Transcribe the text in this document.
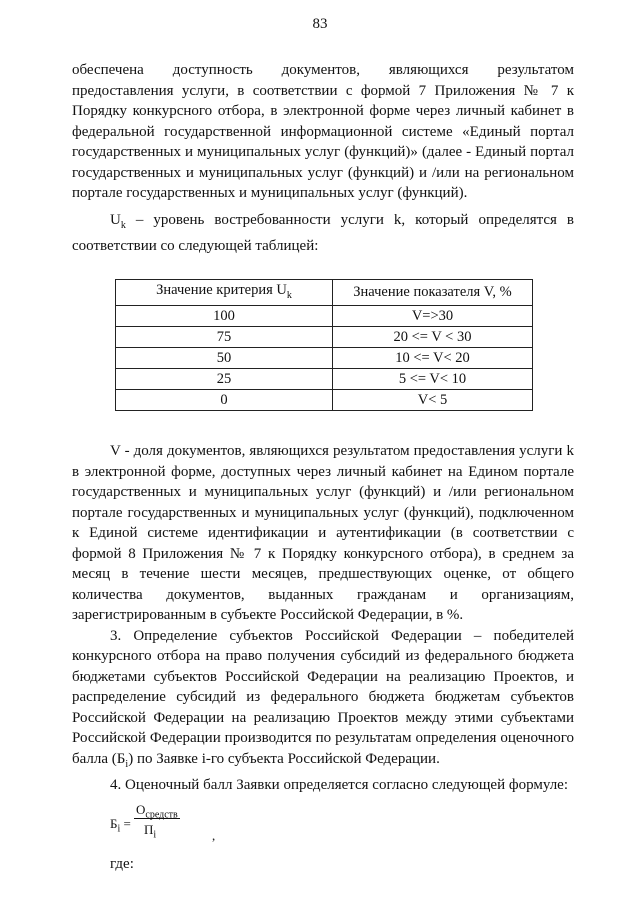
83

обеспечена доступность документов, являющихся результатом предоставления услуги, в соответствии с формой 7 Приложения № 7 к Порядку конкурсного отбора, в электронной форме через личный кабинет в федеральной государственной информационной системе «Единый портал государственных и муниципальных услуг (функций)» (далее - Единый портал государственных и муниципальных услуг (функций) и /или на региональном портале государственных и муниципальных услуг (функций).

$U_k$ – уровень востребованности услуги k, который определятся в соответствии со следующей таблицей:

Значение критерия $U_k$	Значение показателя V, %
100	V=>30
75	20 <= V < 30
50	10 <= V< 20
25	5 <= V< 10
0	V< 5

V - доля документов, являющихся результатом предоставления услуги k в электронной форме, доступных через личный кабинет на Едином портале государственных и муниципальных услуг (функций) и /или региональном портале государственных и муниципальных услуг (функций), подключенном к Единой системе идентификации и аутентификации (в соответствии с формой 8 Приложения № 7 к Порядку конкурсного отбора), в среднем за месяц в течение шести месяцев, предшествующих оценке, от общего количества документов, выданных гражданам и организациям, зарегистрированным в субъекте Российской Федерации, в %.

3. Определение субъектов Российской Федерации – победителей конкурсного отбора на право получения субсидий из федерального бюджета бюджетами субъектов Российской Федерации на реализацию Проектов, и распределение субсидий из федерального бюджета бюджетам субъектов Российской Федерации на реализацию Проектов между этими субъектами Российской Федерации производится по результатам определения оценочного балла $(Б_i)$ по Заявке i-го субъекта Российской Федерации.

4. Оценочный балл Заявки определяется согласно следующей формуле:

$Б_i$ =
$О_{средств}$
$П_i$	,

где:
